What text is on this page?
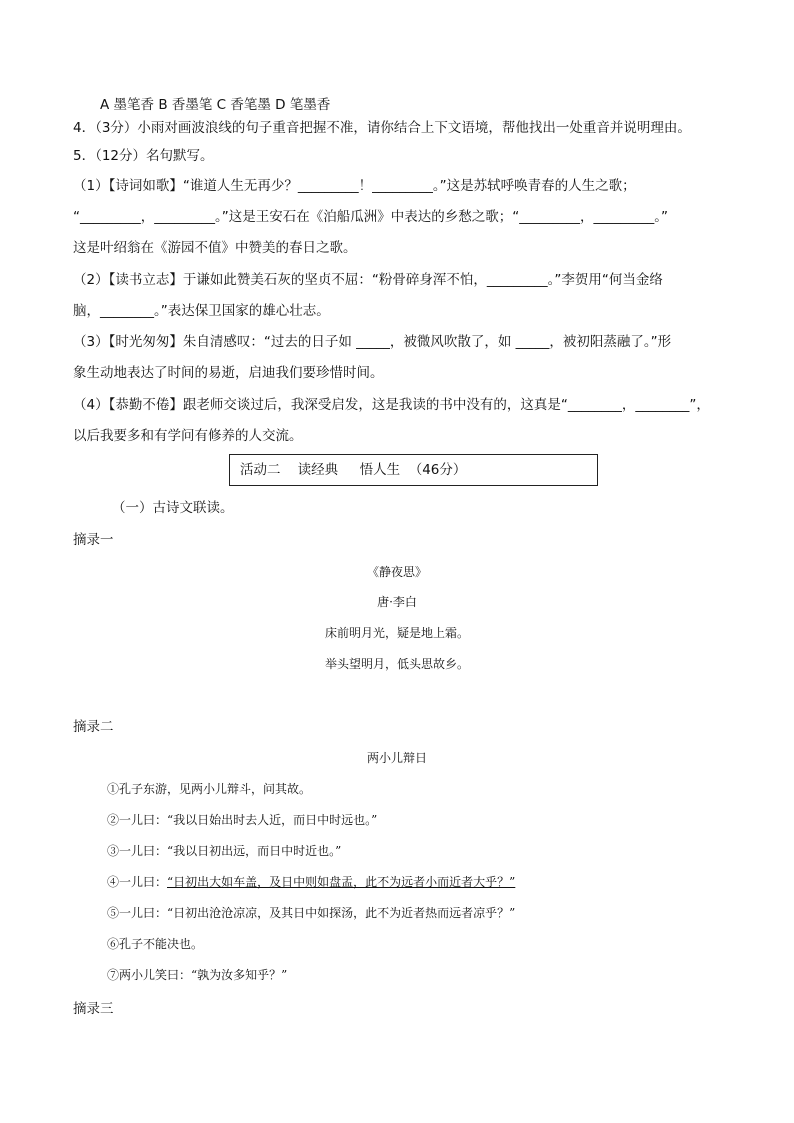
A 墨笔香 B 香墨笔 C 香笔墨 D 笔墨香
4．（3分）小雨对画波浪线的句子重音把握不准，请你结合上下文语境，帮他找出一处重音并说明理由。
5．（12分）名句默写。
（1）【诗词如歌】“谁道人生无再少？_________！_________。”这是苏轼呼唤青春的人生之歌；
“_________，_________。”这是王安石在《泊船瓜洲》中表达的乡愁之歌；“_________，_________。”
这是叶绍翁在《游园不值》中赞美的春日之歌。
（2）【读书立志】于谦如此赞美石灰的坚贞不屈：“粉骨碎身浑不怕，_________。”李贺用“何当金络
脑，________。”表达保卫国家的雄心壮志。
（3）【时光匆匆】朱自清感叹：“过去的日子如 _____，被微风吹散了，如 _____，被初阳蒸融了。”形
象生动地表达了时间的易逝，启迪我们要珍惜时间。
（4）【恭勤不倦】跟老师交谈过后，我深受启发，这是我读的书中没有的，这真是“________，________”，
以后我要多和有学问有修养的人交流。
活动二    读经典     悟人生  （46分）
（一）古诗文联读。
摘录一
《静夜思》
唐·李白
床前明月光，疑是地上霜。
举头望明月，低头思故乡。
摘录二
两小儿辩日
①孔子东游，见两小儿辩斗，问其故。
②一儿曰：“我以日始出时去人近，而日中时远也。”
③一儿曰：“我以日初出远，而日中时近也。”
④一儿曰：“日初出大如车盖，及日中则如盘盂，此不为远者小而近者大乎？”
⑤一儿曰：“日初出沧沧凉凉，及其日中如探汤，此不为近者热而远者凉乎？”
⑥孔子不能决也。
⑦两小儿笑曰：“孰为汝多知乎？”
摘录三
